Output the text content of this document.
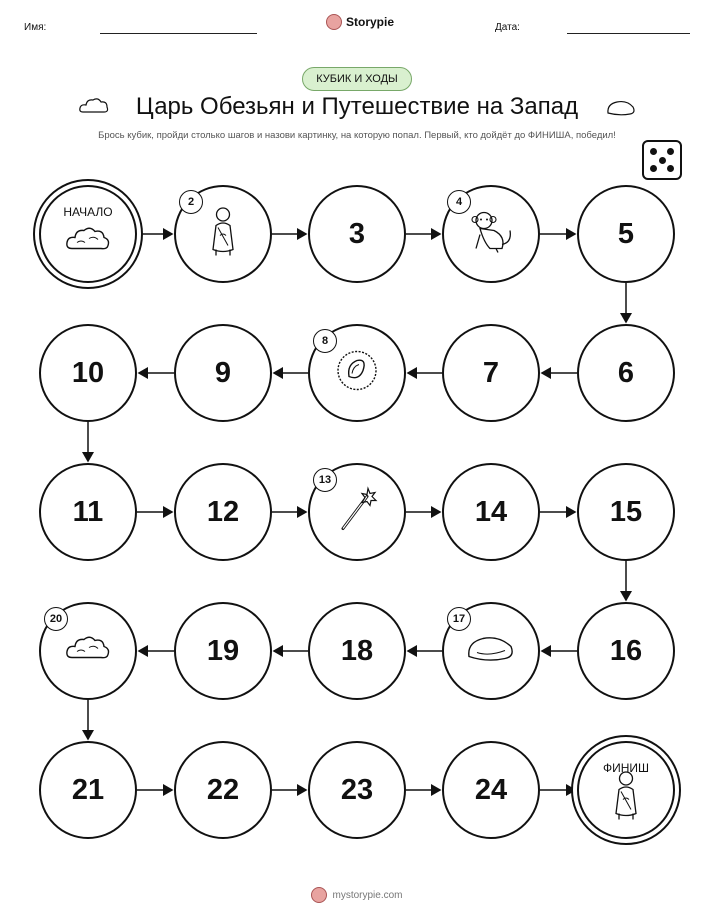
Имя:	Storypie	Дата:
КУБИК И ХОДЫ
Царь Обезьян и Путешествие на Запад
Брось кубик, пройди столько шагов и назови картинку, на которую попал. Первый, кто дойдёт до ФИНИША, победил!
НАЧАЛО
2
3
4
5
6
7
8
9
10
11	12
13
14	15
16
17
18
19
20
21	22	23	24
ФИНИШ
mystorypie.com
